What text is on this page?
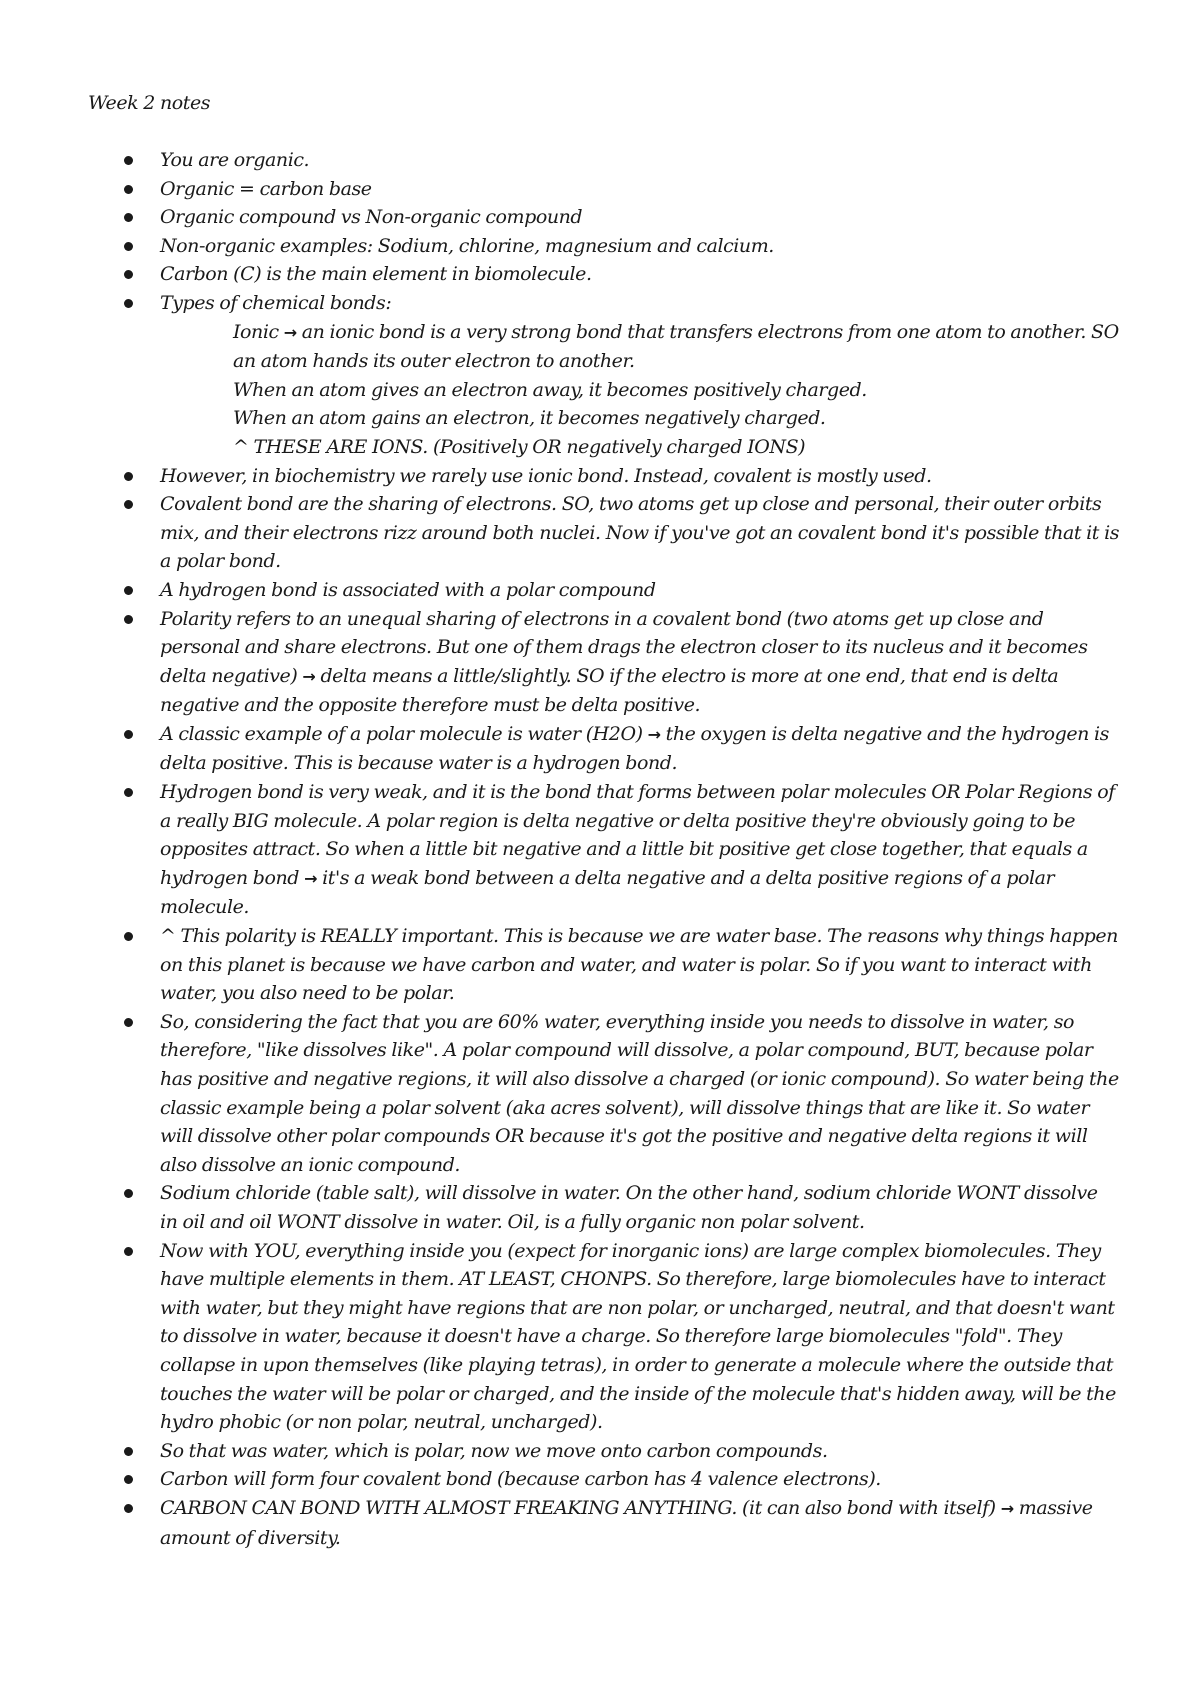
Week 2 notes
You are organic.
Organic = carbon base
Organic compound vs Non-organic compound
Non-organic examples: Sodium, chlorine, magnesium and calcium.
Carbon (C) is the main element in biomolecule.
Types of chemical bonds:
Ionic → an ionic bond is a very strong bond that transfers electrons from one atom to another. SO an atom hands its outer electron to another.
When an atom gives an electron away, it becomes positively charged.
When an atom gains an electron, it becomes negatively charged.
^ THESE ARE IONS. (Positively OR negatively charged IONS)
However, in biochemistry we rarely use ionic bond. Instead, covalent is mostly used.
Covalent bond are the sharing of electrons. SO, two atoms get up close and personal, their outer orbits mix, and their electrons rizz around both nuclei. Now if you've got an covalent bond it's possible that it is a polar bond.
A hydrogen bond is associated with a polar compound
Polarity refers to an unequal sharing of electrons in a covalent bond (two atoms get up close and personal and share electrons. But one of them drags the electron closer to its nucleus and it becomes delta negative) → delta means a little/slightly. SO if the electro is more at one end, that end is delta negative and the opposite therefore must be delta positive.
A classic example of a polar molecule is water (H2O) → the oxygen is delta negative and the hydrogen is delta positive. This is because water is a hydrogen bond.
Hydrogen bond is very weak, and it is the bond that forms between polar molecules OR Polar Regions of a really BIG molecule. A polar region is delta negative or delta positive they're obviously going to be opposites attract. So when a little bit negative and a little bit positive get close together, that equals a hydrogen bond → it's a weak bond between a delta negative and a delta positive regions of a polar molecule.
^ This polarity is REALLY important. This is because we are water base. The reasons why things happen on this planet is because we have carbon and water, and water is polar. So if you want to interact with water, you also need to be polar.
So, considering the fact that you are 60% water, everything inside you needs to dissolve in water, so therefore, "like dissolves like". A polar compound will dissolve, a polar compound, BUT, because polar has positive and negative regions, it will also dissolve a charged (or ionic compound). So water being the classic example being a polar solvent (aka acres solvent), will dissolve things that are like it. So water will dissolve other polar compounds OR because it's got the positive and negative delta regions it will also dissolve an ionic compound.
Sodium chloride (table salt), will dissolve in water. On the other hand, sodium chloride WONT dissolve in oil and oil WONT dissolve in water. Oil, is a fully organic non polar solvent.
Now with YOU, everything inside you (expect for inorganic ions) are large complex biomolecules. They have multiple elements in them. AT LEAST, CHONPS. So therefore, large biomolecules have to interact with water, but they might have regions that are non polar, or uncharged, neutral, and that doesn't want to dissolve in water, because it doesn't have a charge. So therefore large biomolecules "fold". They collapse in upon themselves (like playing tetras), in order to generate a molecule where the outside that touches the water will be polar or charged, and the inside of the molecule that's hidden away, will be the hydro phobic (or non polar, neutral, uncharged).
So that was water, which is polar, now we move onto carbon compounds.
Carbon will form four covalent bond (because carbon has 4 valence electrons).
CARBON CAN BOND WITH ALMOST FREAKING ANYTHING. (it can also bond with itself) → massive amount of diversity.
